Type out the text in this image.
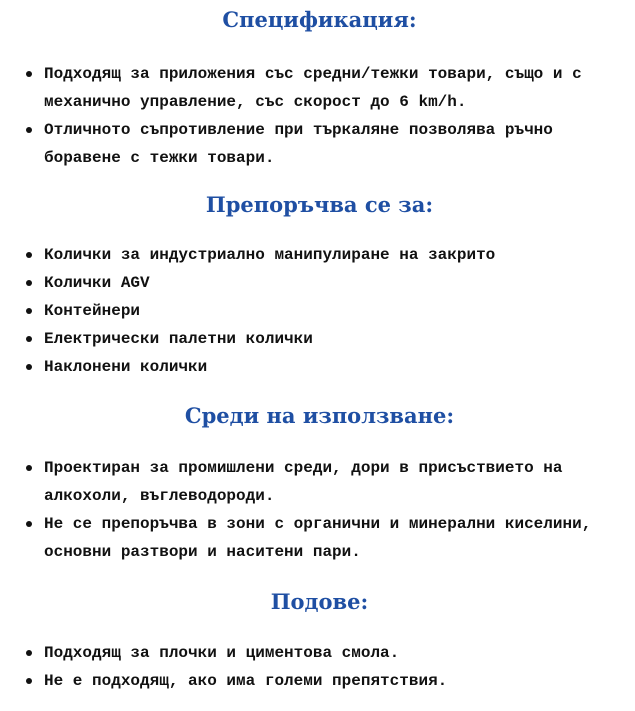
Спецификация:
Подходящ за приложения със средни/тежки товари, също и с механично управление, със скорост до 6 km/h.
Отличното съпротивление при търкаляне позволява ръчно боравене с тежки товари.
Препоръчва се за:
Колички за индустриално манипулиране на закрито
Колички AGV
Контейнери
Електрически палетни колички
Наклонени колички
Среди на използване:
Проектиран за промишлени среди, дори в присъствието на алкохоли, въглеводороди.
Не се препоръчва в зони с органични и минерални киселини, основни разтвори и наситени пари.
Подове:
Подходящ за плочки и циментова смола.
Не е подходящ, ако има големи препятствия.
